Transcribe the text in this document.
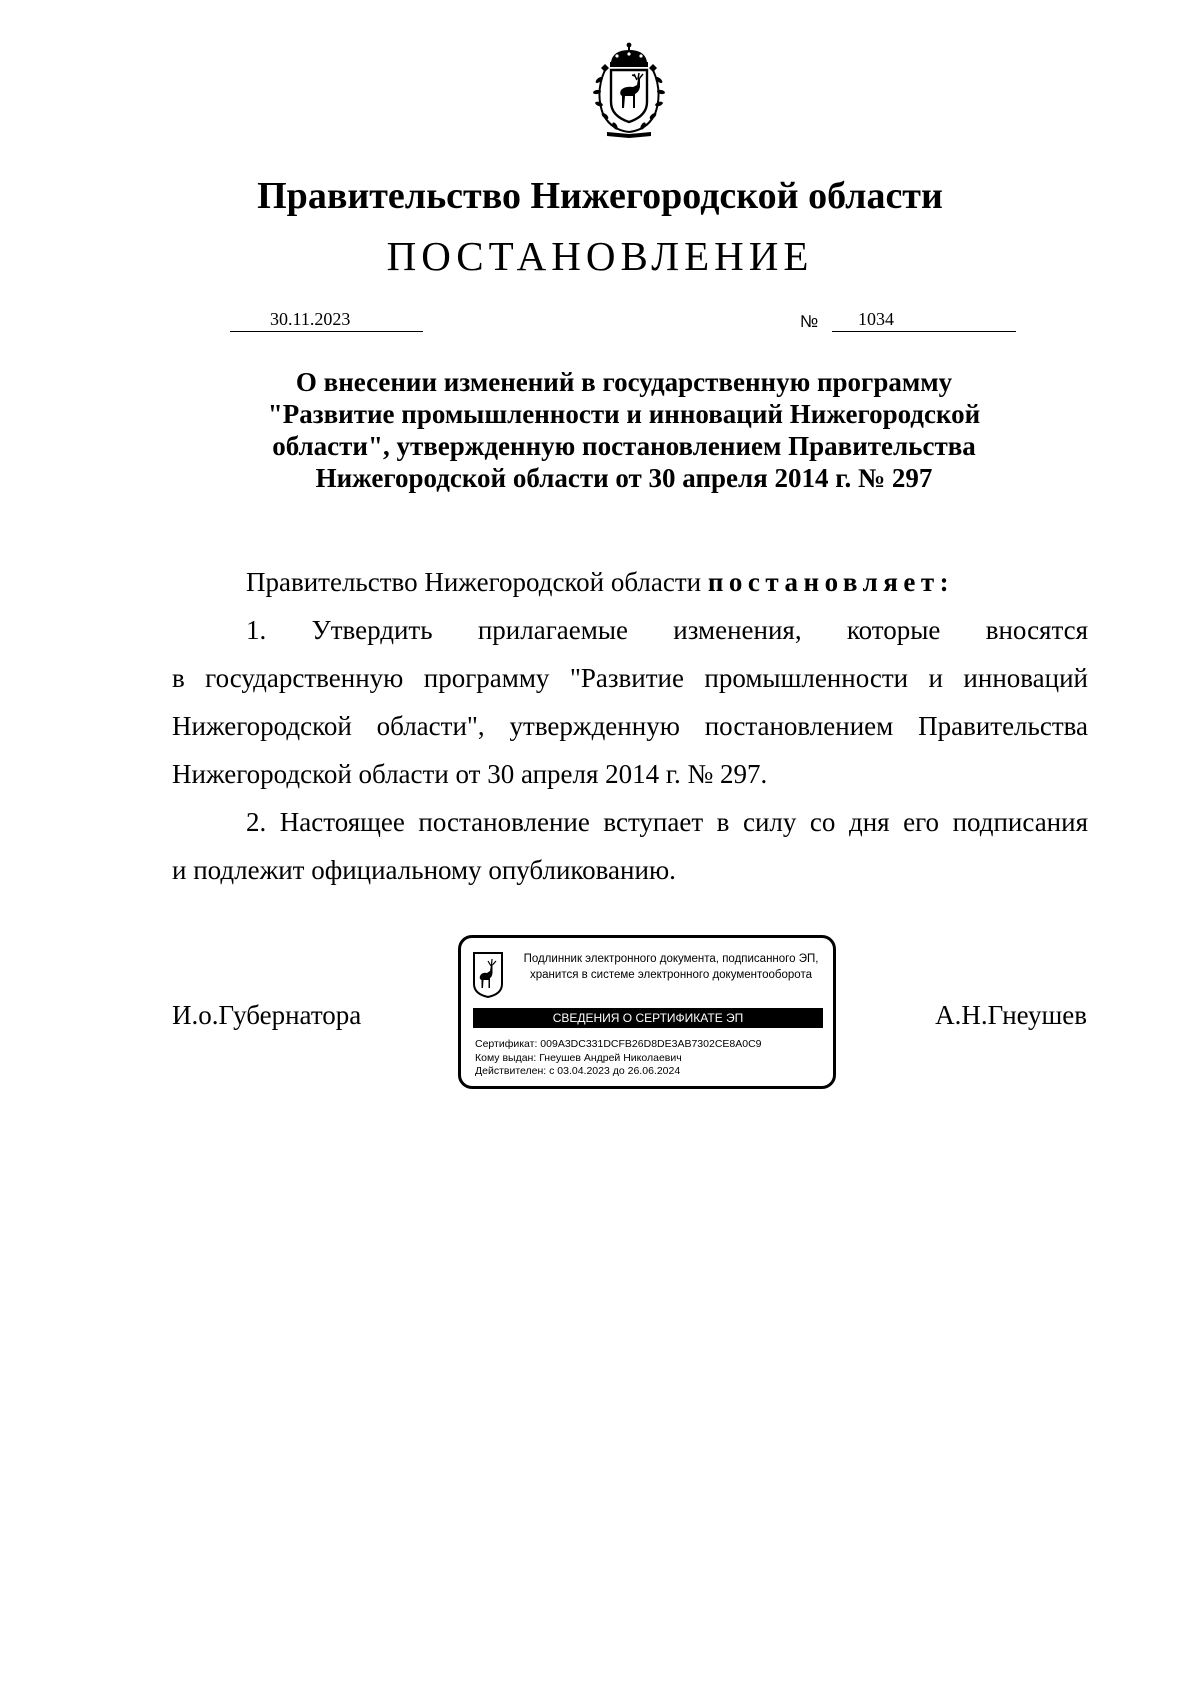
Правительство Нижегородской области
ПОСТАНОВЛЕНИЕ
30.11.2023	№ 1034
О внесении изменений в государственную программу
"Развитие промышленности и инноваций Нижегородской
области", утвержденную постановлением Правительства
Нижегородской области от 30 апреля 2014 г. № 297
Правительство Нижегородской области постановляет:
1. Утвердить прилагаемые изменения, которые вносятся
в государственную программу "Развитие промышленности и инноваций
Нижегородской области", утвержденную постановлением Правительства
Нижегородской области от 30 апреля 2014 г. № 297.
2. Настоящее постановление вступает в силу со дня его подписания
и подлежит официальному опубликованию.
И.о.Губернатора	А.Н.Гнеушев
Подлинник электронного документа, подписанного ЭП,
хранится в системе электронного документооборота
СВЕДЕНИЯ О СЕРТИФИКАТЕ ЭП
Сертификат: 009A3DC331DCFB26D8DE3AB7302CE8A0C9
Кому выдан: Гнеушев Андрей Николаевич
Действителен: с 03.04.2023 до 26.06.2024
